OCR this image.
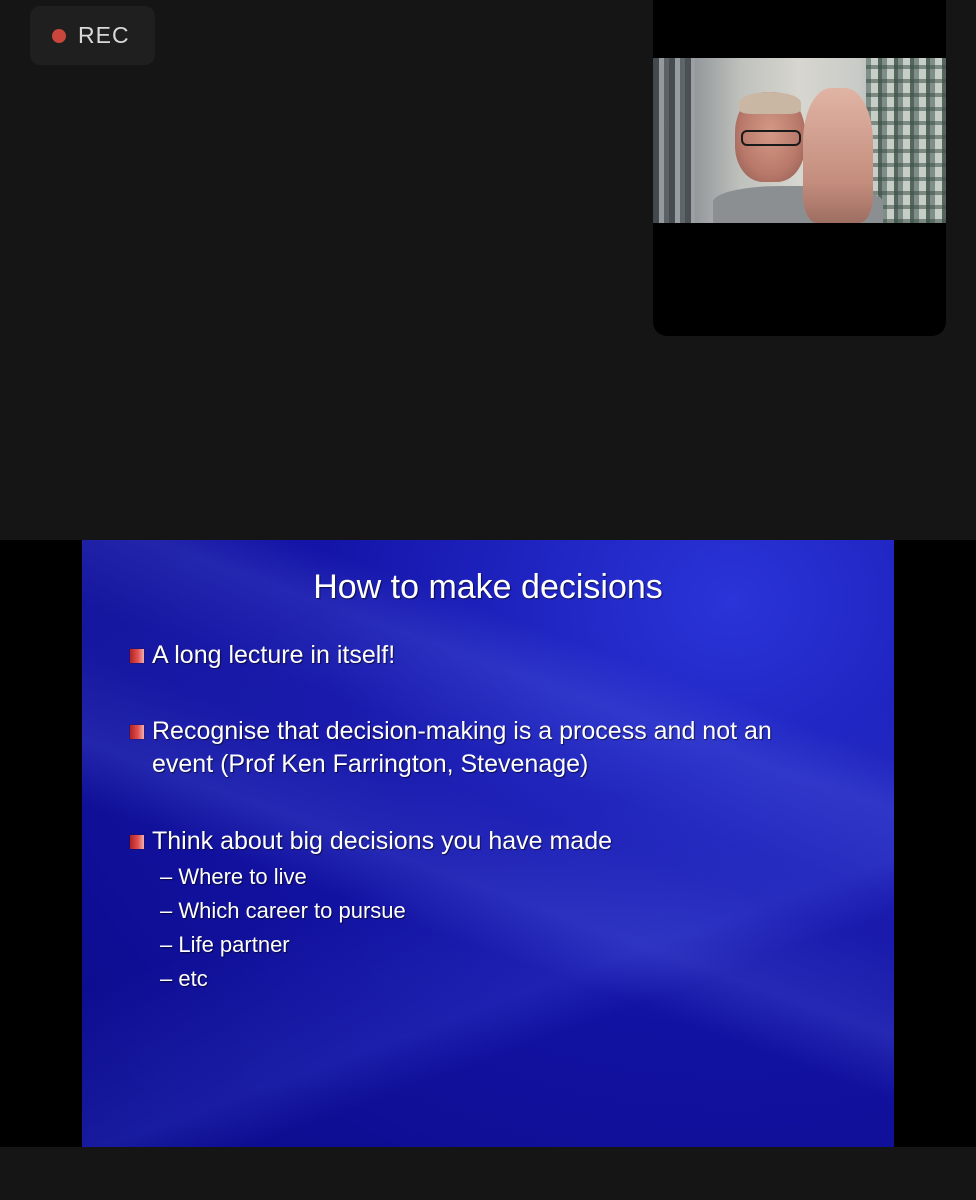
REC
How to make decisions
A long lecture in itself!
Recognise that decision-making is a process and not an event (Prof Ken Farrington, Stevenage)
Think about big decisions you have made
– Where to live
– Which career to pursue
– Life partner
– etc
